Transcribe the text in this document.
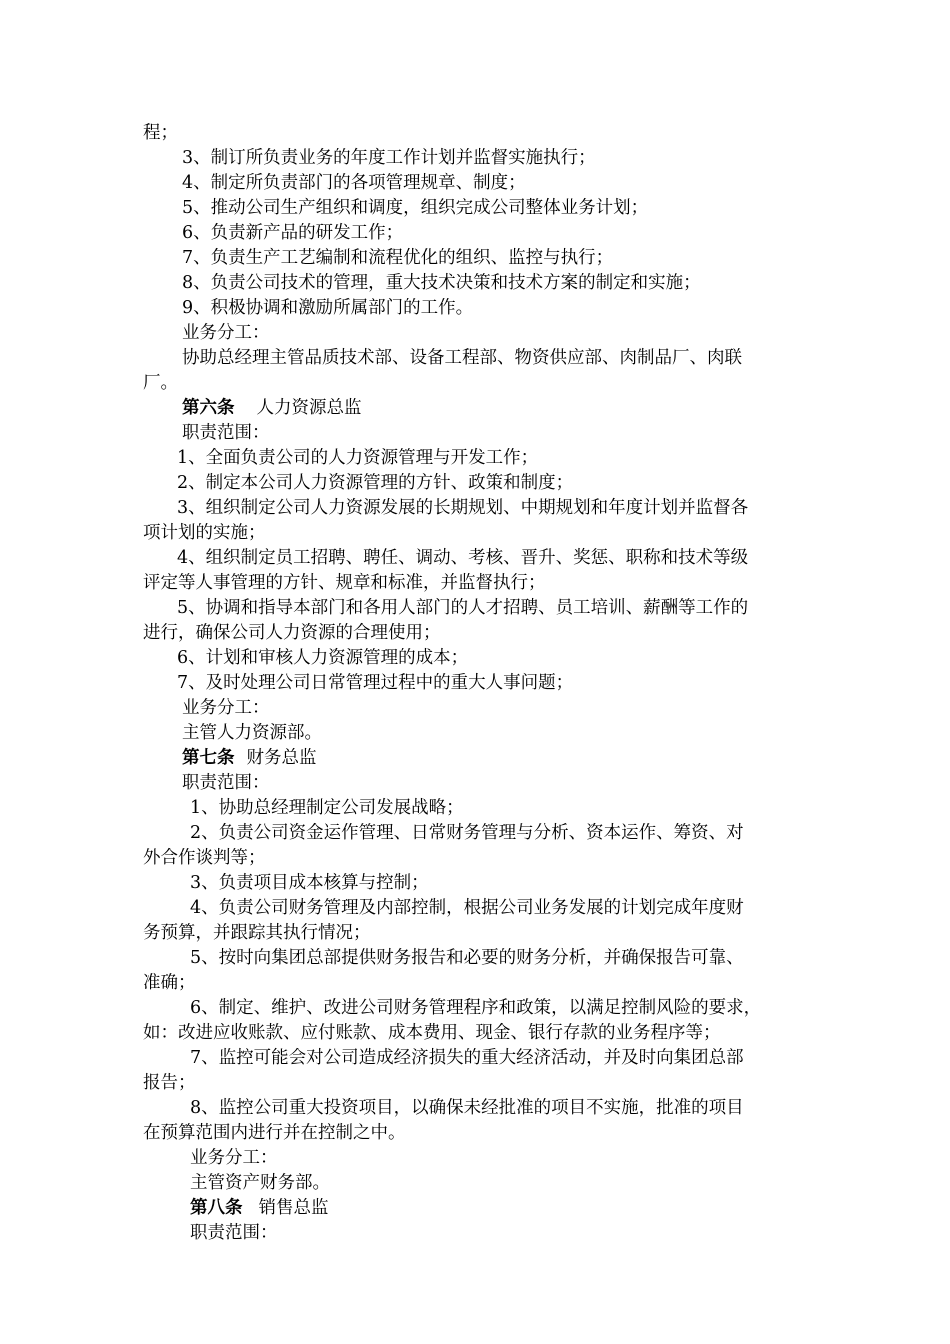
程；
3、制订所负责业务的年度工作计划并监督实施执行；
4、制定所负责部门的各项管理规章、制度；
5、推动公司生产组织和调度，组织完成公司整体业务计划；
6、负责新产品的研发工作；
7、负责生产工艺编制和流程优化的组织、监控与执行；
8、负责公司技术的管理，重大技术决策和技术方案的制定和实施；
9、积极协调和激励所属部门的工作。
业务分工：
协助总经理主管品质技术部、设备工程部、物资供应部、肉制品厂、肉联
厂。
第六条 人力资源总监
职责范围：
1、全面负责公司的人力资源管理与开发工作；
2、制定本公司人力资源管理的方针、政策和制度；
3、组织制定公司人力资源发展的长期规划、中期规划和年度计划并监督各
项计划的实施；
4、组织制定员工招聘、聘任、调动、考核、晋升、奖惩、职称和技术等级
评定等人事管理的方针、规章和标准，并监督执行；
5、协调和指导本部门和各用人部门的人才招聘、员工培训、薪酬等工作的
进行，确保公司人力资源的合理使用；
6、计划和审核人力资源管理的成本；
7、及时处理公司日常管理过程中的重大人事问题；
业务分工：
主管人力资源部。
第七条 财务总监
职责范围：
1、协助总经理制定公司发展战略；
2、负责公司资金运作管理、日常财务管理与分析、资本运作、筹资、对
外合作谈判等；
3、负责项目成本核算与控制；
4、负责公司财务管理及内部控制，根据公司业务发展的计划完成年度财
务预算，并跟踪其执行情况；
5、按时向集团总部提供财务报告和必要的财务分析，并确保报告可靠、
准确；
6、制定、维护、改进公司财务管理程序和政策，以满足控制风险的要求，
如：改进应收账款、应付账款、成本费用、现金、银行存款的业务程序等；
7、监控可能会对公司造成经济损失的重大经济活动，并及时向集团总部
报告；
8、监控公司重大投资项目，以确保未经批准的项目不实施，批准的项目
在预算范围内进行并在控制之中。
业务分工：
主管资产财务部。
第八条 销售总监
职责范围：
